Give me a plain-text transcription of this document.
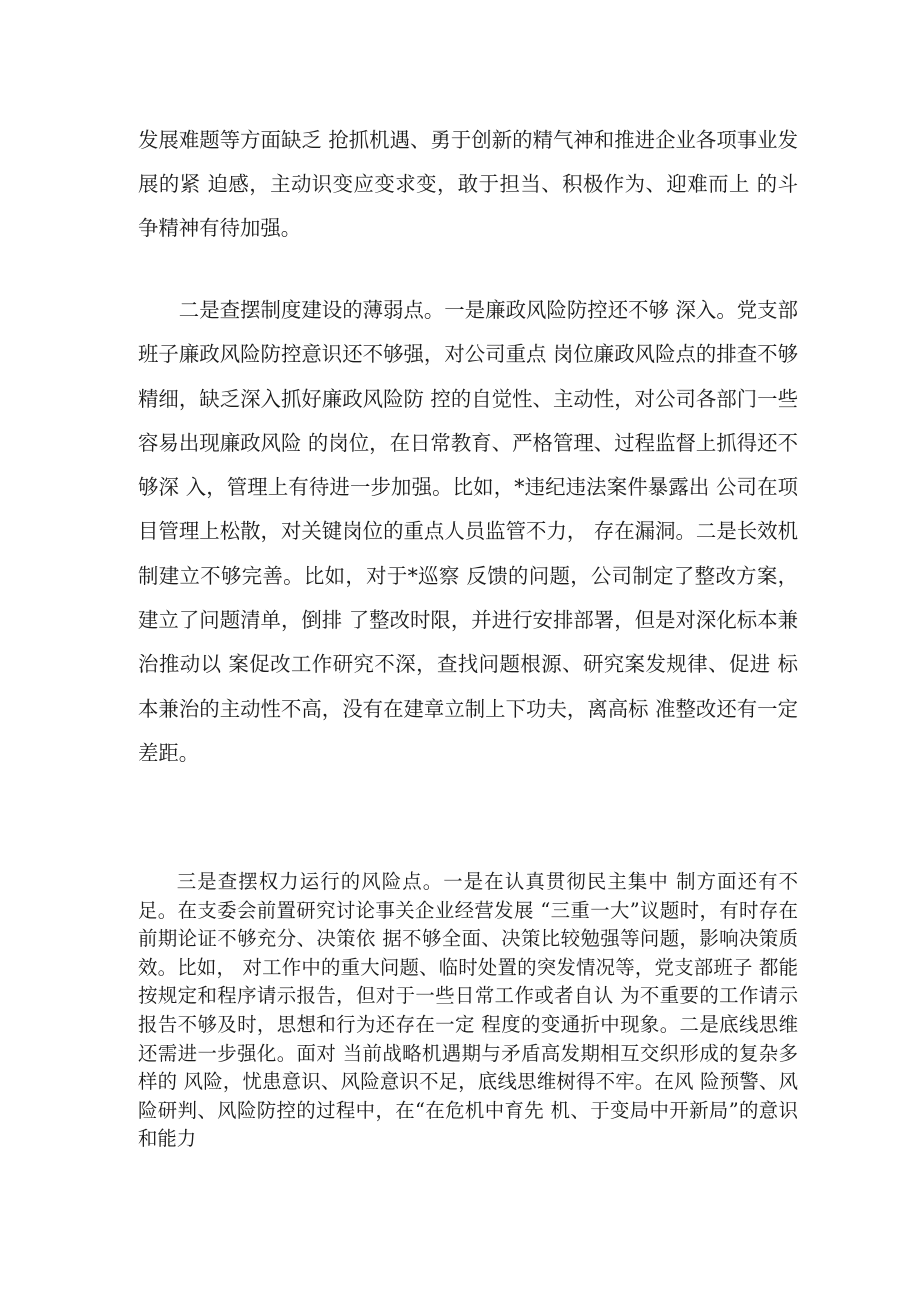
发展难题等方面缺乏 抢抓机遇、勇于创新的精气神和推进企业各项事业发展的紧 迫感，主动识变应变求变，敢于担当、积极作为、迎难而上 的斗争精神有待加强。

二是查摆制度建设的薄弱点。一是廉政风险防控还不够 深入。党支部班子廉政风险防控意识还不够强，对公司重点 岗位廉政风险点的排查不够精细，缺乏深入抓好廉政风险防 控的自觉性、主动性，对公司各部门一些容易出现廉政风险 的岗位，在日常教育、严格管理、过程监督上抓得还不够深 入，管理上有待进一步加强。比如，*违纪违法案件暴露出 公司在项目管理上松散，对关键岗位的重点人员监管不力， 存在漏洞。二是长效机制建立不够完善。比如，对于*巡察 反馈的问题，公司制定了整改方案，建立了问题清单，倒排 了整改时限，并进行安排部署，但是对深化标本兼治推动以 案促改工作研究不深，查找问题根源、研究案发规律、促进 标本兼治的主动性不高，没有在建章立制上下功夫，离高标 准整改还有一定差距。

三是查摆权力运行的风险点。一是在认真贯彻民主集中 制方面还有不足。在支委会前置研究讨论事关企业经营发展 “三重一大”议题时，有时存在前期论证不够充分、决策依 据不够全面、决策比较勉强等问题，影响决策质效。比如， 对工作中的重大问题、临时处置的突发情况等，党支部班子 都能按规定和程序请示报告，但对于一些日常工作或者自认 为不重要的工作请示报告不够及时，思想和行为还存在一定 程度的变通折中现象。二是底线思维还需进一步强化。面对 当前战略机遇期与矛盾高发期相互交织形成的复杂多样的 风险，忧患意识、风险意识不足，底线思维树得不牢。在风 险预警、风险研判、风险防控的过程中，在“在危机中育先 机、于变局中开新局”的意识和能力
